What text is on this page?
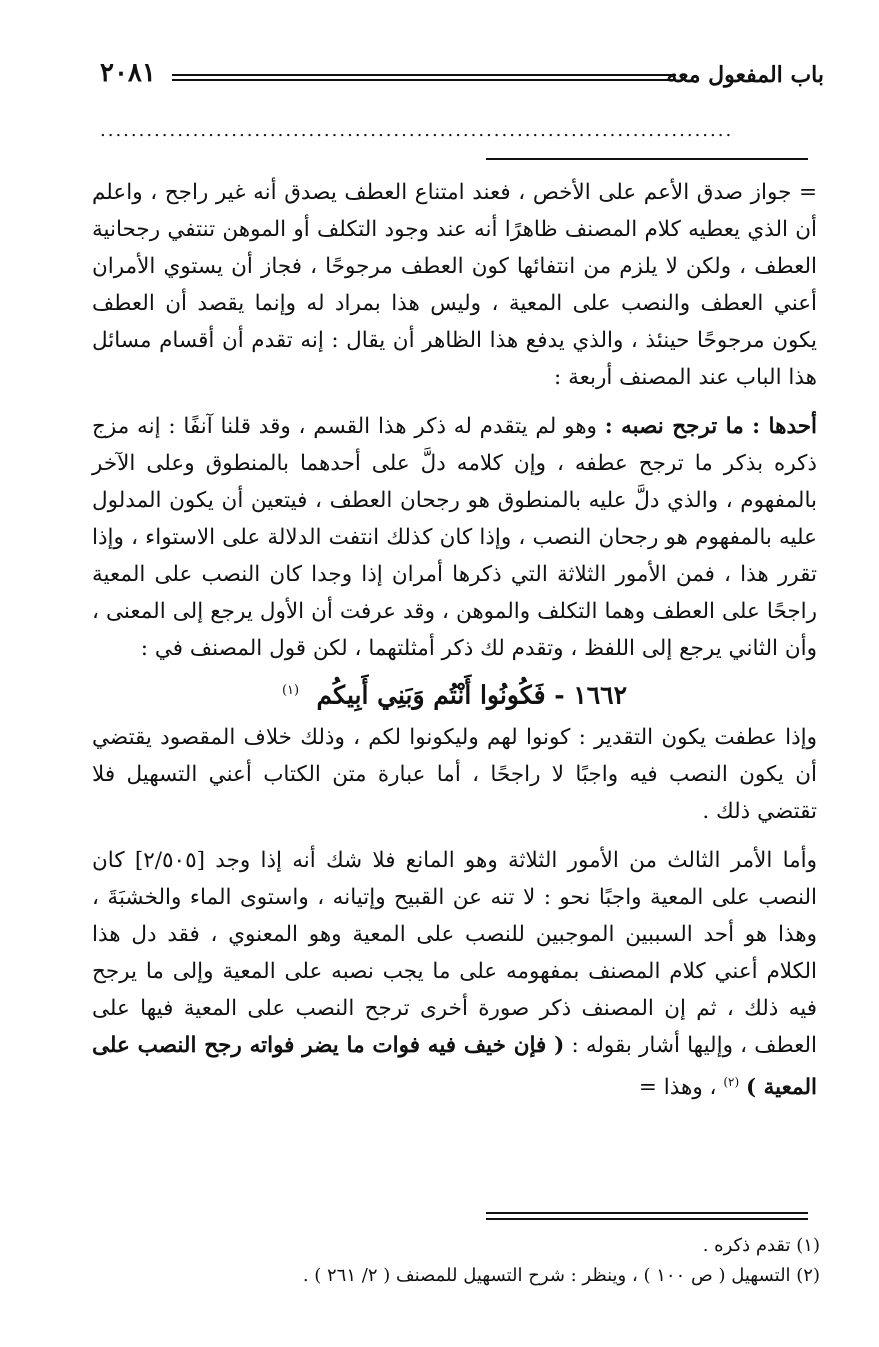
باب المفعول معه
٢٠٨١
..................................................................................

= جواز صدق الأعم على الأخص ، فعند امتناع العطف يصدق أنه غير راجح ، واعلم أن الذي يعطيه كلام المصنف ظاهرًا أنه عند وجود التكلف أو الموهن تنتفي رجحانية العطف ، ولكن لا يلزم من انتفائها كون العطف مرجوحًا ، فجاز أن يستوي الأمران أعني العطف والنصب على المعية ، وليس هذا بمراد له وإنما يقصد أن العطف يكون مرجوحًا حينئذ ، والذي يدفع هذا الظاهر أن يقال : إنه تقدم أن أقسام مسائل هذا الباب عند المصنف أربعة :

أحدها : ما ترجح نصبه : وهو لم يتقدم له ذكر هذا القسم ، وقد قلنا آنفًا : إنه مزج ذكره بذكر ما ترجح عطفه ، وإن كلامه دلَّ على أحدهما بالمنطوق وعلى الآخر بالمفهوم ، والذي دلَّ عليه بالمنطوق هو رجحان العطف ، فيتعين أن يكون المدلول عليه بالمفهوم هو رجحان النصب ، وإذا كان كذلك انتفت الدلالة على الاستواء ، وإذا تقرر هذا ، فمن الأمور الثلاثة التي ذكرها أمران إذا وجدا كان النصب على المعية راجحًا على العطف وهما التكلف والموهن ، وقد عرفت أن الأول يرجع إلى المعنى ، وأن الثاني يرجع إلى اللفظ ، وتقدم لك ذكر أمثلتهما ، لكن قول المصنف في :

١٦٦٢ - فَكُونُوا أَنْتُم وَبَنِي أَبِيكُم  $^{(١)}$

وإذا عطفت يكون التقدير : كونوا لهم وليكونوا لكم ، وذلك خلاف المقصود يقتضي أن يكون النصب فيه واجبًا لا راجحًا ، أما عبارة متن الكتاب أعني التسهيل فلا تقتضي ذلك .

وأما الأمر الثالث من الأمور الثلاثة وهو المانع فلا شك أنه إذا وجد [٢/٥٠٥] كان النصب على المعية واجبًا نحو : لا تنه عن القبيح وإتيانه ، واستوى الماء والخشبَةَ ، وهذا هو أحد السببين الموجبين للنصب على المعية وهو المعنوي ، فقد دل هذا الكلام أعني كلام المصنف بمفهومه على ما يجب نصبه على المعية وإلى ما يرجح فيه ذلك ، ثم إن المصنف ذكر صورة أخرى ترجح النصب على المعية فيها على العطف ، وإليها أشار بقوله : ( فإن خيف فيه فوات ما يضر فواته رجح النصب على المعية ) $^{(٢)}$ ، وهذا =

(١) تقدم ذكره .
(٢) التسهيل ( ص ١٠٠ ) ، وينظر : شرح التسهيل للمصنف ( ٢/ ٢٦١ ) .
